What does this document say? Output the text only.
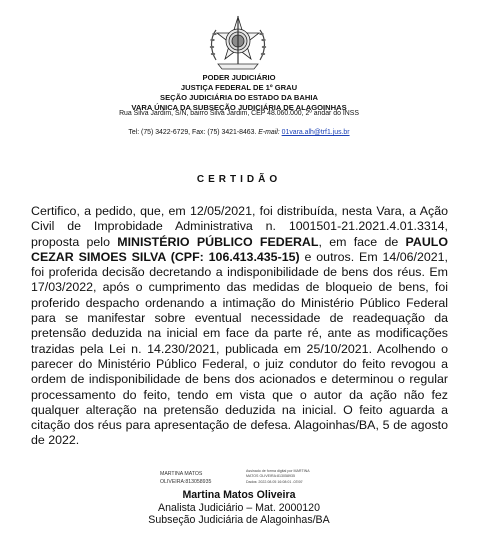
PODER JUDICIÁRIO
JUSTIÇA FEDERAL DE 1º GRAU
SEÇÃO JUDICIÁRIA DO ESTADO DA BAHIA
VARA ÚNICA DA SUBSEÇÃO JUDICIÁRIA DE ALAGOINHAS
Rua Silva Jardim, S/N, bairro Silva Jardim, CEP 48.060.000, 2º andar do INSS
Tel: (75) 3422-6729, Fax: (75) 3421-8463. E-mail: 01vara.alh@trf1.jus.br
CERTIDÃO
Certifico, a pedido, que, em 12/05/2021, foi distribuída, nesta Vara, a Ação Civil de Improbidade Administrativa n. 1001501-21.2021.4.01.3314, proposta pelo MINISTÉRIO PÚBLICO FEDERAL, em face de PAULO CEZAR SIMOES SILVA (CPF: 106.413.435-15) e outros. Em 14/06/2021, foi proferida decisão decretando a indisponibilidade de bens dos réus. Em 17/03/2022, após o cumprimento das medidas de bloqueio de bens, foi proferido despacho ordenando a intimação do Ministério Público Federal para se manifestar sobre eventual necessidade de readequação da pretensão deduzida na inicial em face da parte ré, ante as modificações trazidas pela Lei n. 14.230/2021, publicada em 25/10/2021. Acolhendo o parecer do Ministério Público Federal, o juiz condutor do feito revogou a ordem de indisponibilidade de bens dos acionados e determinou o regular processamento do feito, tendo em vista que o autor da ação não fez qualquer alteração na pretensão deduzida na inicial. O feito aguarda a citação dos réus para apresentação de defesa. Alagoinhas/BA, 5 de agosto de 2022.
MARTINA MATOS
OLIVEIRA:813058935
Assinado de forma digital por MARTINA
MATOS OLIVEIRA:813058935
Dados: 2022.08.05 16:08:01 -03'00'
Martina Matos Oliveira
Analista Judiciário – Mat. 2000120
Subseção Judiciária de Alagoinhas/BA
